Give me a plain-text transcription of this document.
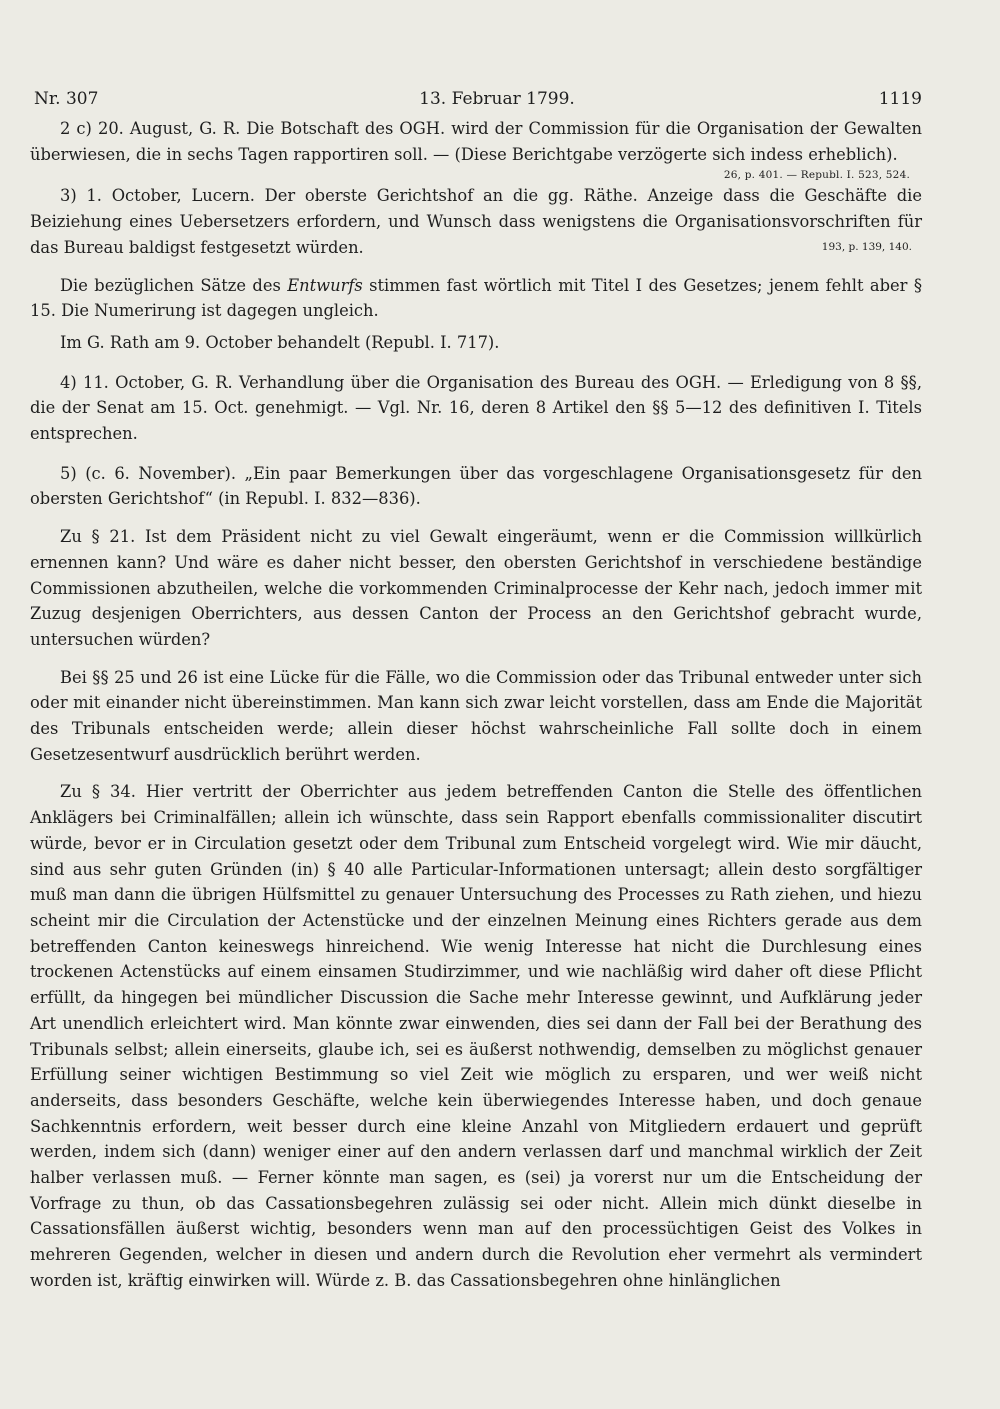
Nr. 307	13. Februar 1799.	1119

2 c) 20. August, G. R. Die Botschaft des OGH. wird der Commission für die Organisation der Gewalten überwiesen, die in sechs Tagen rapportiren soll. — (Diese Berichtgabe verzögerte sich indess erheblich).

26, p. 401. — Republ. I. 523, 524.

3) 1. October, Lucern. Der oberste Gerichtshof an die gg. Räthe. Anzeige dass die Geschäfte die Beiziehung eines Uebersetzers erfordern, und Wunsch dass wenigstens die Organisationsvorschriften für das Bureau baldigst festgesetzt würden.	193, p. 139, 140.

Die bezüglichen Sätze des Entwurfs stimmen fast wörtlich mit Titel I des Gesetzes; jenem fehlt aber § 15. Die Numerirung ist dagegen ungleich.

Im G. Rath am 9. October behandelt (Republ. I. 717).

4) 11. October, G. R. Verhandlung über die Organisation des Bureau des OGH. — Erledigung von 8 §§, die der Senat am 15. Oct. genehmigt. — Vgl. Nr. 16, deren 8 Artikel den §§ 5—12 des definitiven I. Titels entsprechen.

5) (c. 6. November). „Ein paar Bemerkungen über das vorgeschlagene Organisationsgesetz für den obersten Gerichtshof“ (in Republ. I. 832—836).

Zu § 21. Ist dem Präsident nicht zu viel Gewalt eingeräumt, wenn er die Commission willkürlich ernennen kann? Und wäre es daher nicht besser, den obersten Gerichtshof in verschiedene beständige Commissionen abzutheilen, welche die vorkommenden Criminalprocesse der Kehr nach, jedoch immer mit Zuzug desjenigen Oberrichters, aus dessen Canton der Process an den Gerichtshof gebracht wurde, untersuchen würden?

Bei §§ 25 und 26 ist eine Lücke für die Fälle, wo die Commission oder das Tribunal entweder unter sich oder mit einander nicht übereinstimmen. Man kann sich zwar leicht vorstellen, dass am Ende die Majorität des Tribunals entscheiden werde; allein dieser höchst wahrscheinliche Fall sollte doch in einem Gesetzesentwurf ausdrücklich berührt werden.

Zu § 34. Hier vertritt der Oberrichter aus jedem betreffenden Canton die Stelle des öffentlichen Anklägers bei Criminalfällen; allein ich wünschte, dass sein Rapport ebenfalls commissionaliter discutirt würde, bevor er in Circulation gesetzt oder dem Tribunal zum Entscheid vorgelegt wird. Wie mir däucht, sind aus sehr guten Gründen (in) § 40 alle Particular-Informationen untersagt; allein desto sorgfältiger muß man dann die übrigen Hülfsmittel zu genauer Untersuchung des Processes zu Rath ziehen, und hiezu scheint mir die Circulation der Actenstücke und der einzelnen Meinung eines Richters gerade aus dem betreffenden Canton keineswegs hinreichend. Wie wenig Interesse hat nicht die Durchlesung eines trockenen Actenstücks auf einem einsamen Studirzimmer, und wie nachläßig wird daher oft diese Pflicht erfüllt, da hingegen bei mündlicher Discussion die Sache mehr Interesse gewinnt, und Aufklärung jeder Art unendlich erleichtert wird. Man könnte zwar einwenden, dies sei dann der Fall bei der Berathung des Tribunals selbst; allein einerseits, glaube ich, sei es äußerst nothwendig, demselben zu möglichst genauer Erfüllung seiner wichtigen Bestimmung so viel Zeit wie möglich zu ersparen, und wer weiß nicht anderseits, dass besonders Geschäfte, welche kein überwiegendes Interesse haben, und doch genaue Sachkenntnis erfordern, weit besser durch eine kleine Anzahl von Mitgliedern erdauert und geprüft werden, indem sich (dann) weniger einer auf den andern verlassen darf und manchmal wirklich der Zeit halber verlassen muß. — Ferner könnte man sagen, es (sei) ja vorerst nur um die Entscheidung der Vorfrage zu thun, ob das Cassationsbegehren zulässig sei oder nicht. Allein mich dünkt dieselbe in Cassationsfällen äußerst wichtig, besonders wenn man auf den processüchtigen Geist des Volkes in mehreren Gegenden, welcher in diesen und andern durch die Revolution eher vermehrt als vermindert worden ist, kräftig einwirken will. Würde z. B. das Cassationsbegehren ohne hinlänglichen
